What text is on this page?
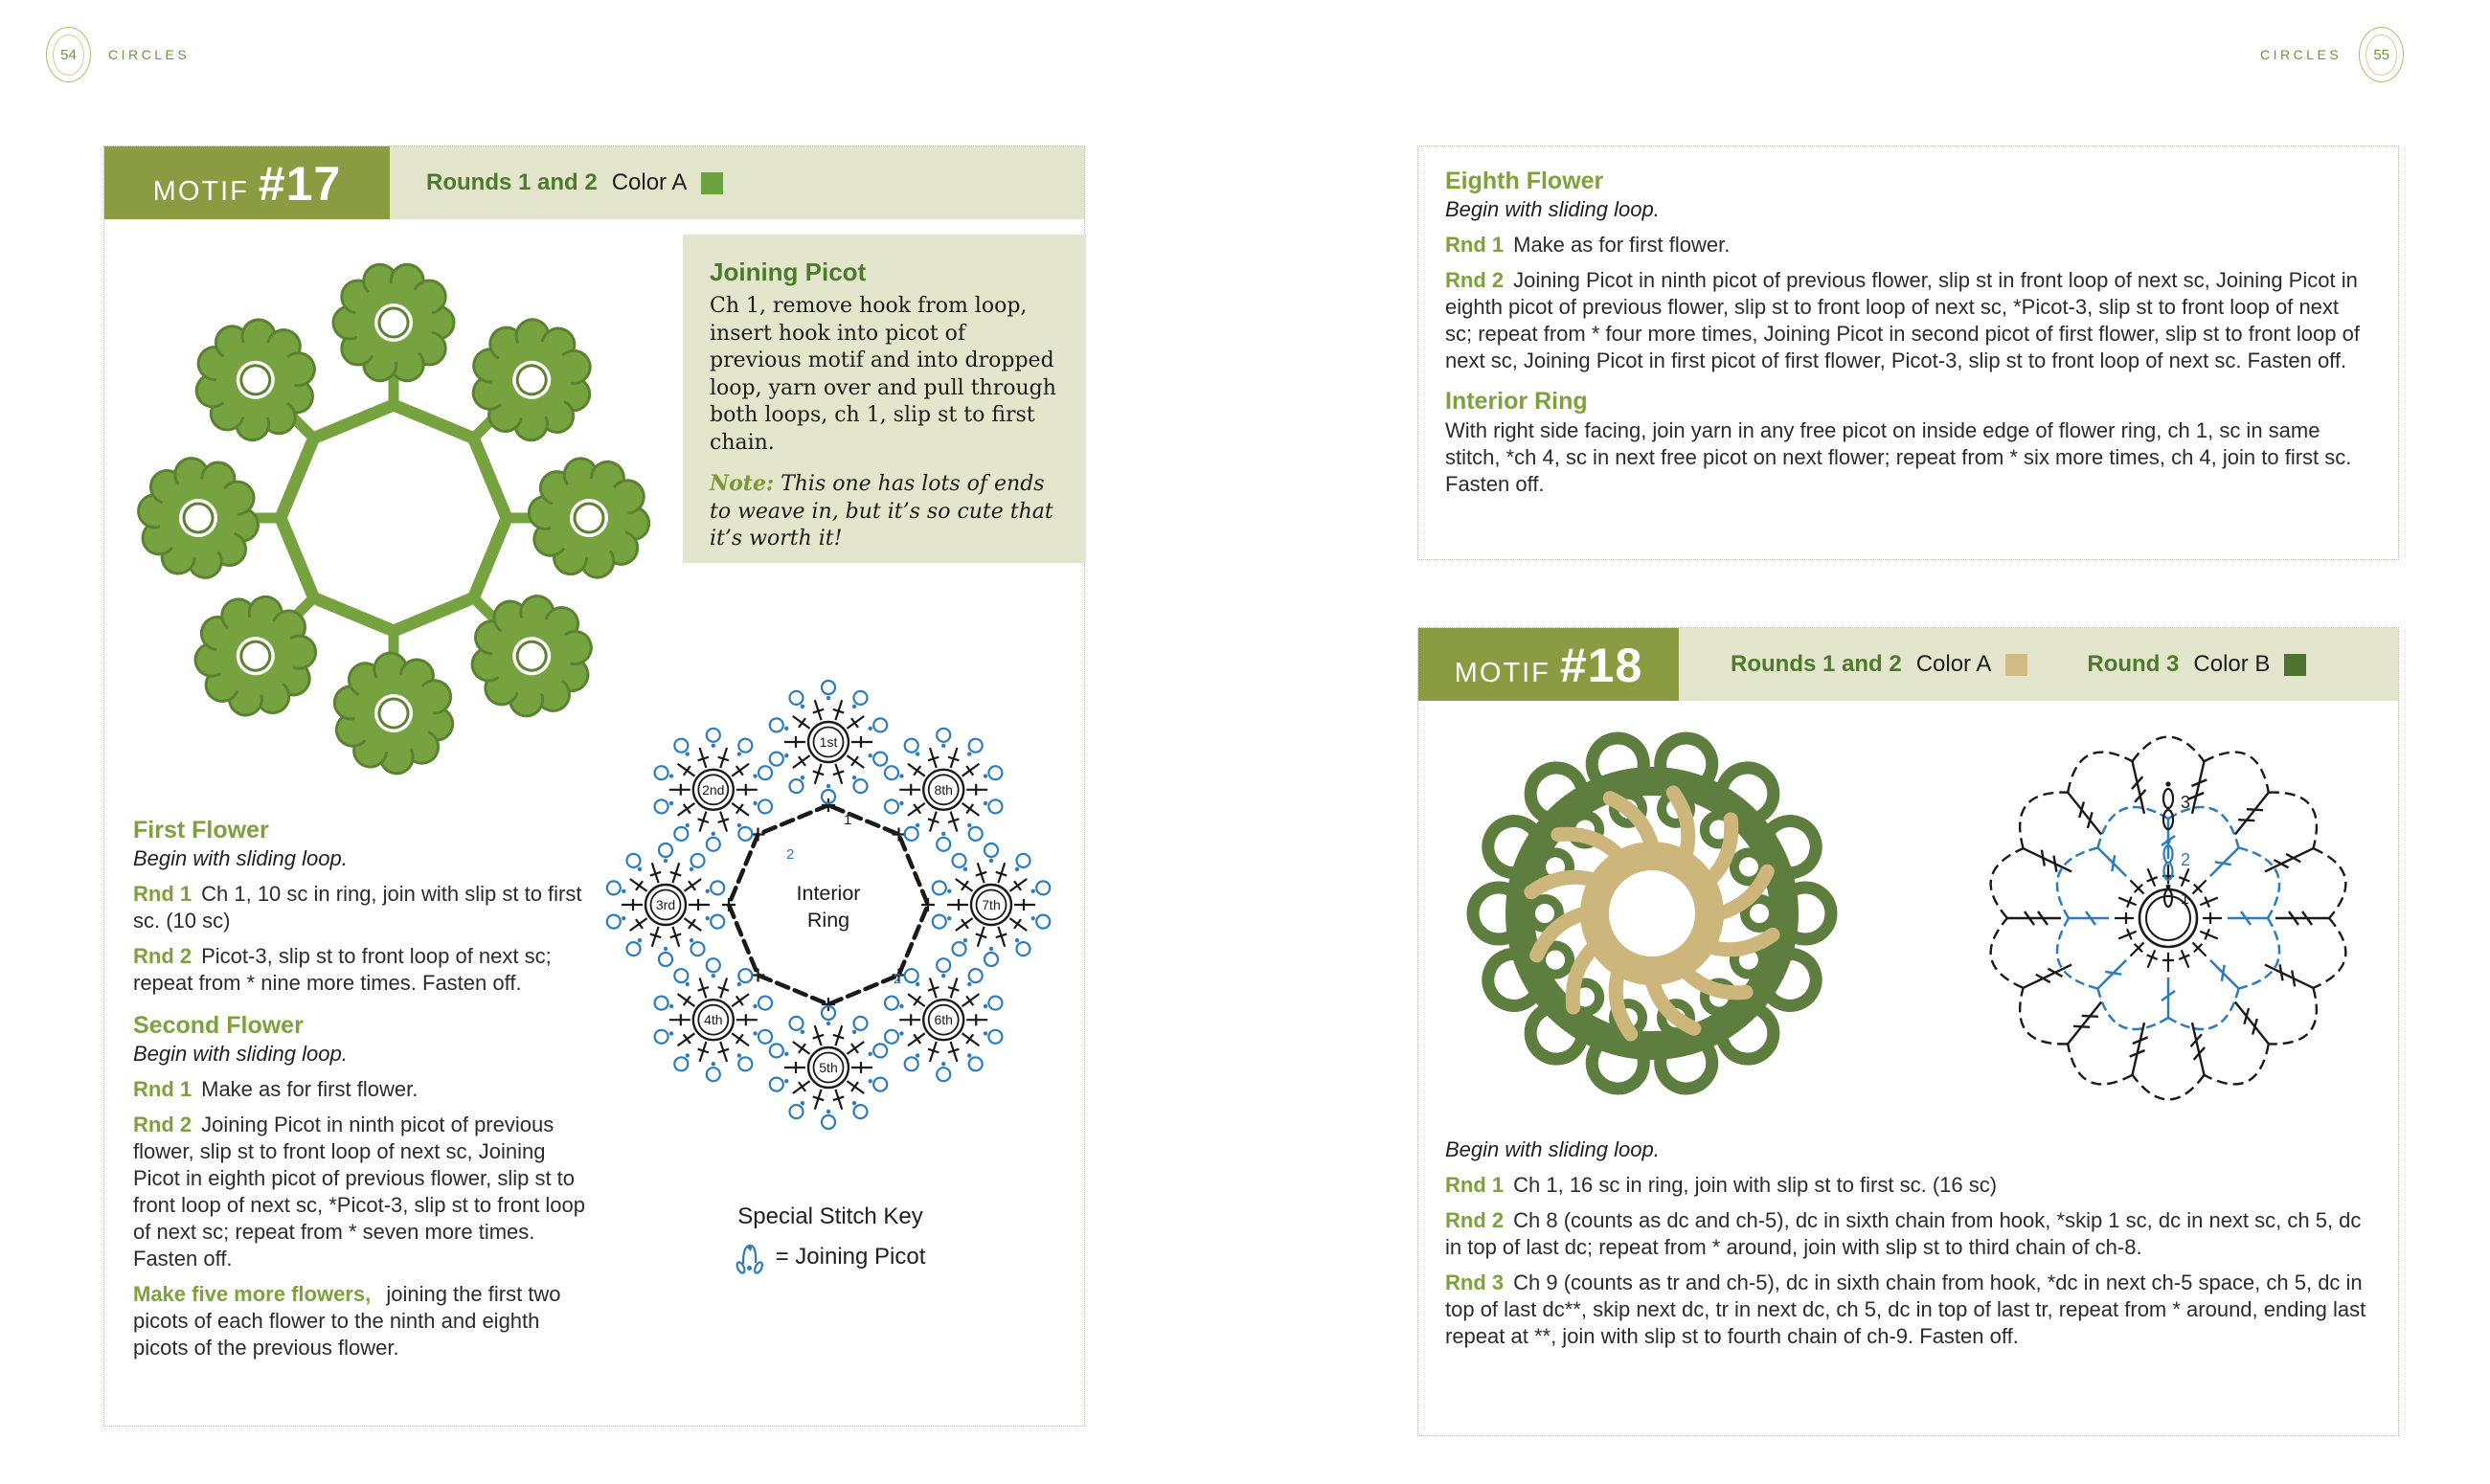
54 CIRCLES	CIRCLES 55
MOTIF #17	Rounds 1 and 2 Color A
Joining Picot

Ch 1, remove hook from loop, insert hook into picot of previous motif and into dropped loop, yarn over and pull through both loops, ch 1, slip st to first chain.

Note: This one has lots of ends to weave in, but it’s so cute that it’s worth it!

First Flower

Begin with sliding loop.

Rnd 1 Ch 1, 10 sc in ring, join with slip st to first sc. (10 sc)

Rnd 2 Picot-3, slip st to front loop of next sc; repeat from * nine more times. Fasten off.

Second Flower

Begin with sliding loop.

Rnd 1 Make as for first flower.

Rnd 2 Joining Picot in ninth picot of previous flower, slip st to front loop of next sc, Joining Picot in eighth picot of previous flower, slip st to front loop of next sc, *Picot-3, slip st to front loop of next sc; repeat from * seven more times. Fasten off.

Make five more flowers, joining the first two picots of each flower to the ninth and eighth picots of the previous flower.

1st
2nd
3rd
4th
5th
6th
7th
8th
1
2
2
Interior
Ring
Special Stitch Key
= Joining Picot
Eighth Flower

Begin with sliding loop.

Rnd 1 Make as for first flower.

Rnd 2 Joining Picot in ninth picot of previous flower, slip st in front loop of next sc, Joining Picot in eighth picot of previous flower, slip st to front loop of next sc, *Picot-3, slip st to front loop of next sc; repeat from * four more times, Joining Picot in second picot of first flower, slip st to front loop of next sc, Joining Picot in first picot of first flower, Picot-3, slip st to front loop of next sc. Fasten off.

Interior Ring

With right side facing, join yarn in any free picot on inside edge of flower ring, ch 1, sc in same stitch, *ch 4, sc in next free picot on next flower; repeat from * six more times, ch 4, join to first sc. Fasten off.

MOTIF #18	Rounds 1 and 2 Color A	Round 3 Color B
3
2
1

Begin with sliding loop.

Rnd 1 Ch 1, 16 sc in ring, join with slip st to first sc. (16 sc)

Rnd 2 Ch 8 (counts as dc and ch-5), dc in sixth chain from hook, *skip 1 sc, dc in next sc, ch 5, dc in top of last dc; repeat from * around, join with slip st to third chain of ch-8.

Rnd 3 Ch 9 (counts as tr and ch-5), dc in sixth chain from hook, *dc in next ch-5 space, ch 5, dc in top of last dc**, skip next dc, tr in next dc, ch 5, dc in top of last tr, repeat from * around, ending last repeat at **, join with slip st to fourth chain of ch-9. Fasten off.
